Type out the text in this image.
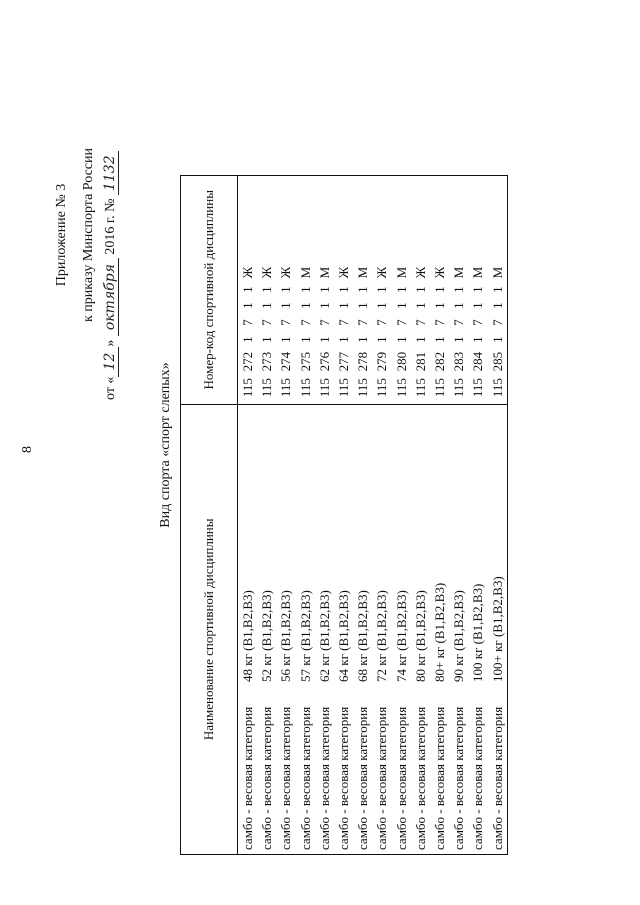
8
Приложение № 3 к приказу Минспорта России
от «12» октября 2016 г. № 1132
Вид спорта «спорт слепых»
Наименование спортивной дисциплины	Номер-код спортивной дисциплины
самбо - весовая категория48 кг (B1,B2,B3)	1152721711Ж
самбо - весовая категория52 кг (B1,B2,B3)	1152731711Ж
самбо - весовая категория56 кг (B1,B2,B3)	1152741711Ж
самбо - весовая категория57 кг (B1,B2,B3)	1152751711М
самбо - весовая категория62 кг (B1,B2,B3)	1152761711М
самбо - весовая категория64 кг (B1,B2,B3)	1152771711Ж
самбо - весовая категория68 кг (B1,B2,B3)	1152781711М
самбо - весовая категория72 кг (B1,B2,B3)	1152791711Ж
самбо - весовая категория74 кг (B1,B2,B3)	1152801711М
самбо - весовая категория80 кг (B1,B2,B3)	1152811711Ж
самбо - весовая категория80+ кг (B1,B2,B3)	1152821711Ж
самбо - весовая категория90 кг (B1,B2,B3)	1152831711М
самбо - весовая категория100 кг (B1,B2,B3)	1152841711М
самбо - весовая категория100+ кг (B1,B2,B3)	1152851711М
